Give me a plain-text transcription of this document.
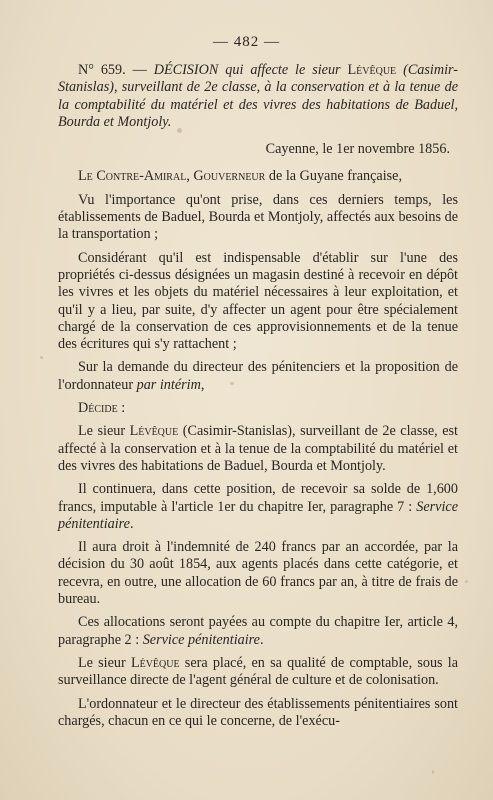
— 482 —

N° 659. — DÉCISION qui affecte le sieur Lévêque (Casimir-Stanislas), surveillant de 2e classe, à la conservation et à la tenue de la comptabilité du matériel et des vivres des habitations de Baduel, Bourda et Montjoly.

Cayenne, le 1er novembre 1856.

Le Contre-Amiral, Gouverneur de la Guyane française,

Vu l'importance qu'ont prise, dans ces derniers temps, les établissements de Baduel, Bourda et Montjoly, affectés aux besoins de la transportation ;

Considérant qu'il est indispensable d'établir sur l'une des propriétés ci-dessus désignées un magasin destiné à recevoir en dépôt les vivres et les objets du matériel nécessaires à leur exploitation, et qu'il y a lieu, par suite, d'y affecter un agent pour être spécialement chargé de la conservation de ces approvisionnements et de la tenue des écritures qui s'y rattachent ;

Sur la demande du directeur des pénitenciers et la proposition de l'ordonnateur par intérim,

Décide :

Le sieur Lévêque (Casimir-Stanislas), surveillant de 2e classe, est affecté à la conservation et à la tenue de la comptabilité du matériel et des vivres des habitations de Baduel, Bourda et Montjoly.

Il continuera, dans cette position, de recevoir sa solde de 1,600 francs, imputable à l'article 1er du chapitre Ier, paragraphe 7 : Service pénitentiaire.

Il aura droit à l'indemnité de 240 francs par an accordée, par la décision du 30 août 1854, aux agents placés dans cette catégorie, et recevra, en outre, une allocation de 60 francs par an, à titre de frais de bureau.

Ces allocations seront payées au compte du chapitre Ier, article 4, paragraphe 2 : Service pénitentiaire.

Le sieur Lévêque sera placé, en sa qualité de comptable, sous la surveillance directe de l'agent général de culture et de colonisation.

L'ordonnateur et le directeur des établissements pénitentiaires sont chargés, chacun en ce qui le concerne, de l'exécu-
